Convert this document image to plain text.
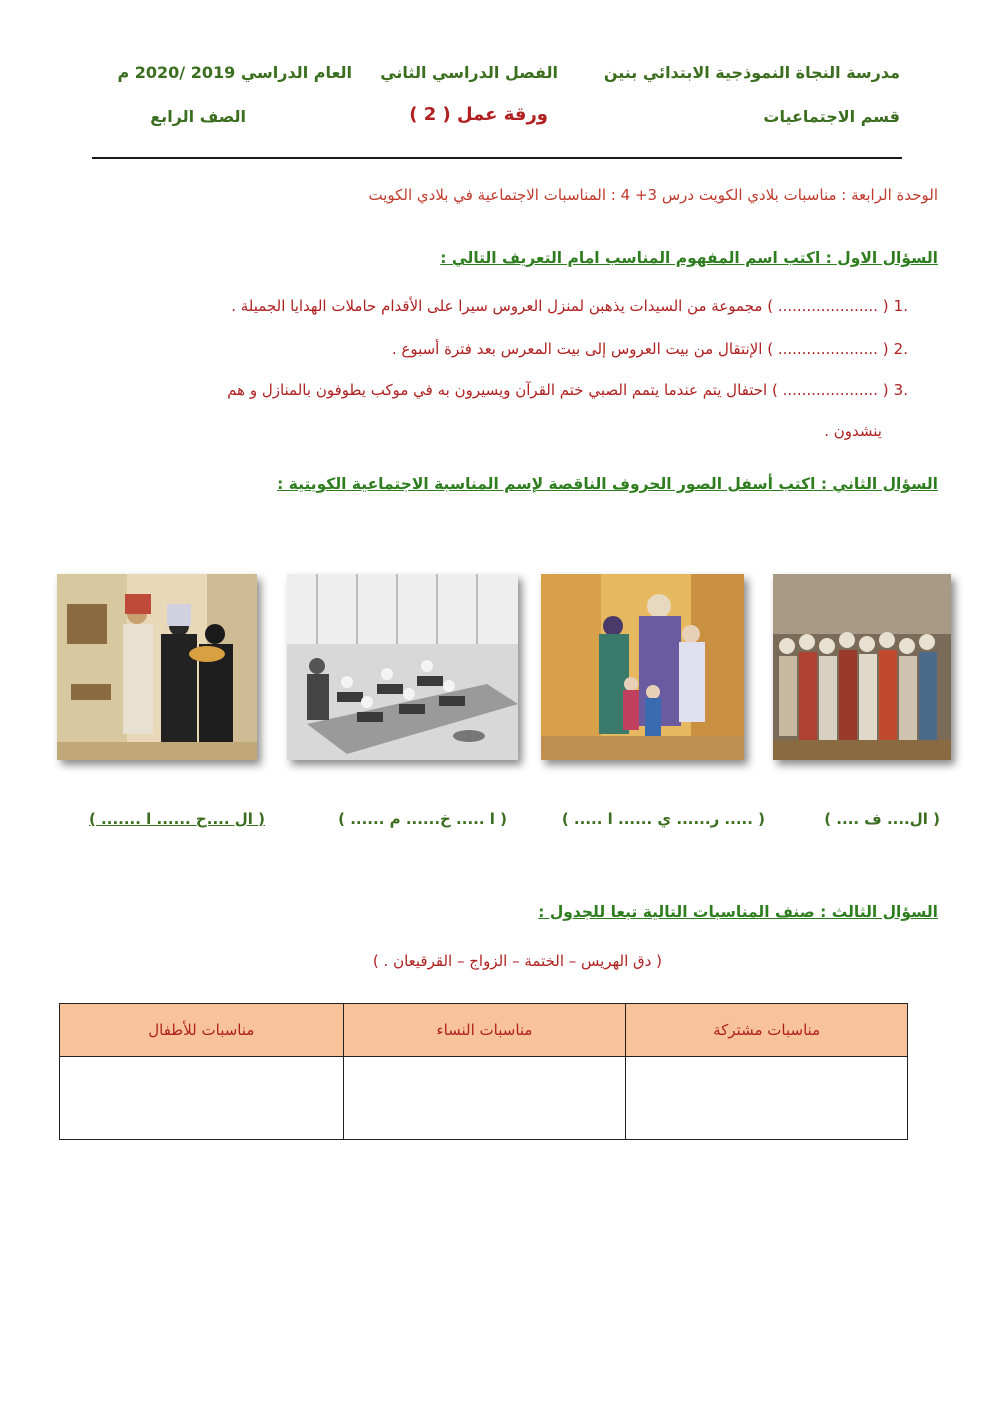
مدرسة النجاة النموذجية الابتدائي بنين
الفصل الدراسي الثاني
العام الدراسي 2019 /2020 م
قسم الاجتماعيات
ورقة عمل ( 2 )
الصف الرابع
الوحدة الرابعة : مناسبات بلادي الكويت درس 3+ 4 : المناسبات الاجتماعية في بلادي الكويت
السؤال الاول : اكتب اسم المفهوم المناسب امام التعريف التالي :
.1 ( ..................... ) مجموعة من السيدات يذهبن لمنزل العروس سيرا على الأقدام حاملات الهدايا الجميلة .
.2 ( ..................... ) الإنتقال من بيت العروس إلى بيت المعرس بعد فترة أسبوع .
.3 ( .................... ) احتفال يتم عندما يتمم الصبي ختم القرآن ويسيرون به في موكب يطوفون بالمنازل و هم
ينشدون .
السؤال الثاني : اكتب أسفل الصور الحروف الناقصة لإسم المناسبة الاجتماعية الكويتية :
( ال.... ف .... )
( ..... ر...... ي ...... ا ..... )
( ا ..... خ...... م ...... )
( ال ....ح ...... ا ....... )
السؤال الثالث : صنف المناسبات التالية تبعا للجدول :
( دق الهريس – الختمة – الزواج – القرقيعان . )
مناسبات مشتركة	مناسبات النساء	مناسبات للأطفال
